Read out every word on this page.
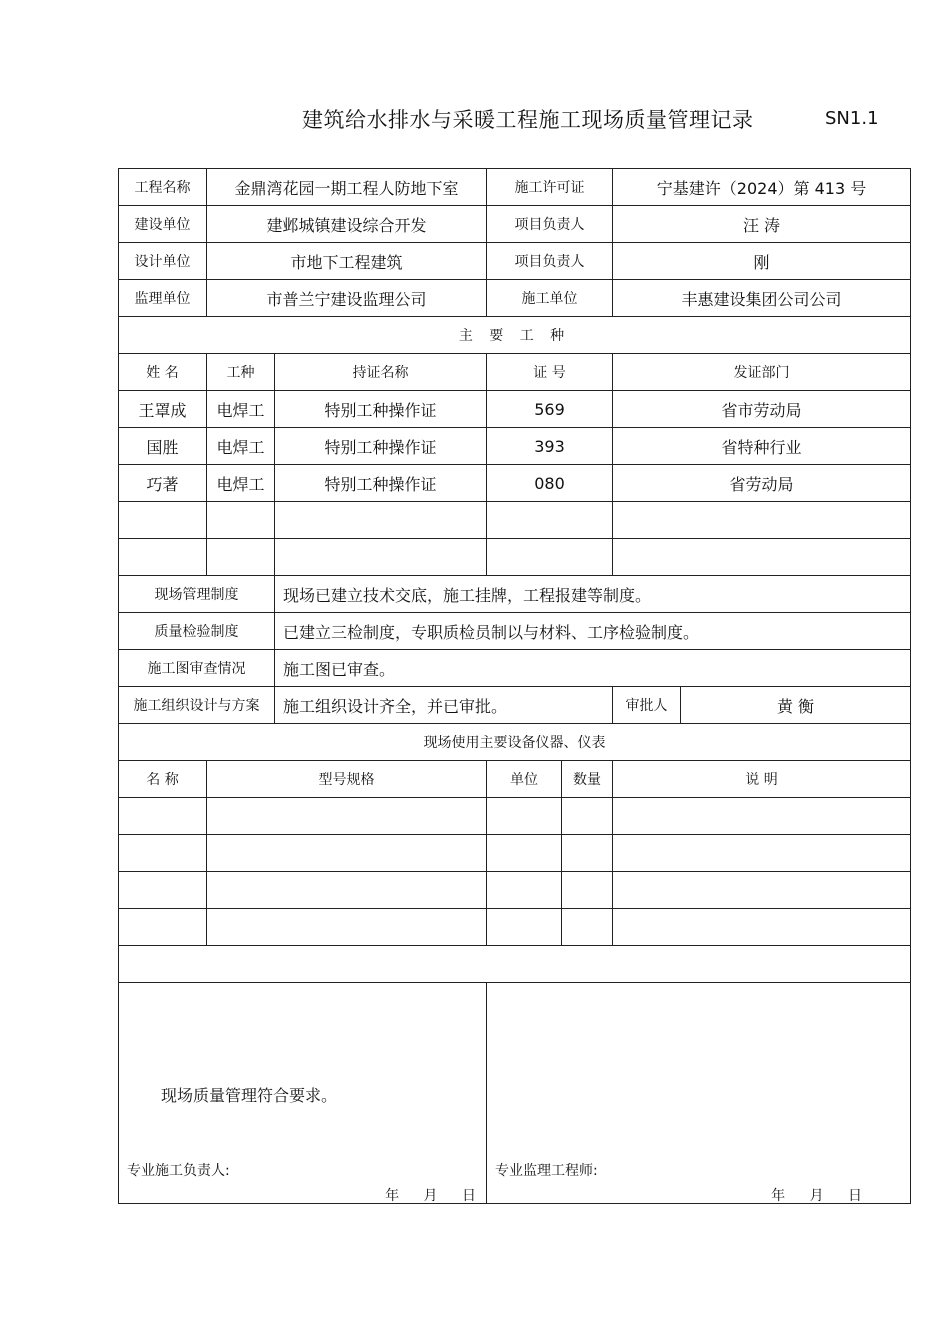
建筑给水排水与采暖工程施工现场质量管理记录	SN1.1
工程名称	金鼎湾花园一期工程人防地下室		施工许可证		宁基建许（2024）第 413 号	
建设单位	建邺城镇建设综合开发		项目负责人		汪 涛	
设计单位	市地下工程建筑		项目负责人		刚	
监理单位	市普兰宁建设监理公司		施工单位		丰惠建设集团公司公司	
主 要 工 种						
姓 名	工种	持证名称	证 号		发证部门	
王罩成	电焊工	特别工种操作证	569		省市劳动局	
国胜	电焊工	特别工种操作证	393		省特种行业	
巧著	电焊工	特别工种操作证	080		省劳动局	

现场管理制度		现场已建立技术交底，施工挂牌，工程报建等制度。				
质量检验制度		已建立三检制度，专职质检员制以与材料、工序检验制度。				
施工图审查情况		施工图已审查。				
施工组织设计与方案		施工组织设计齐全，并已审批。			审批人	黄 衡
现场使用主要设备仪器、仪表						
名 称	型号规格		单位	数量	说 明	

现场质量管理符合要求。
专业施工负责人:
年 月 日			专业监理工程师:
年 月 日			
